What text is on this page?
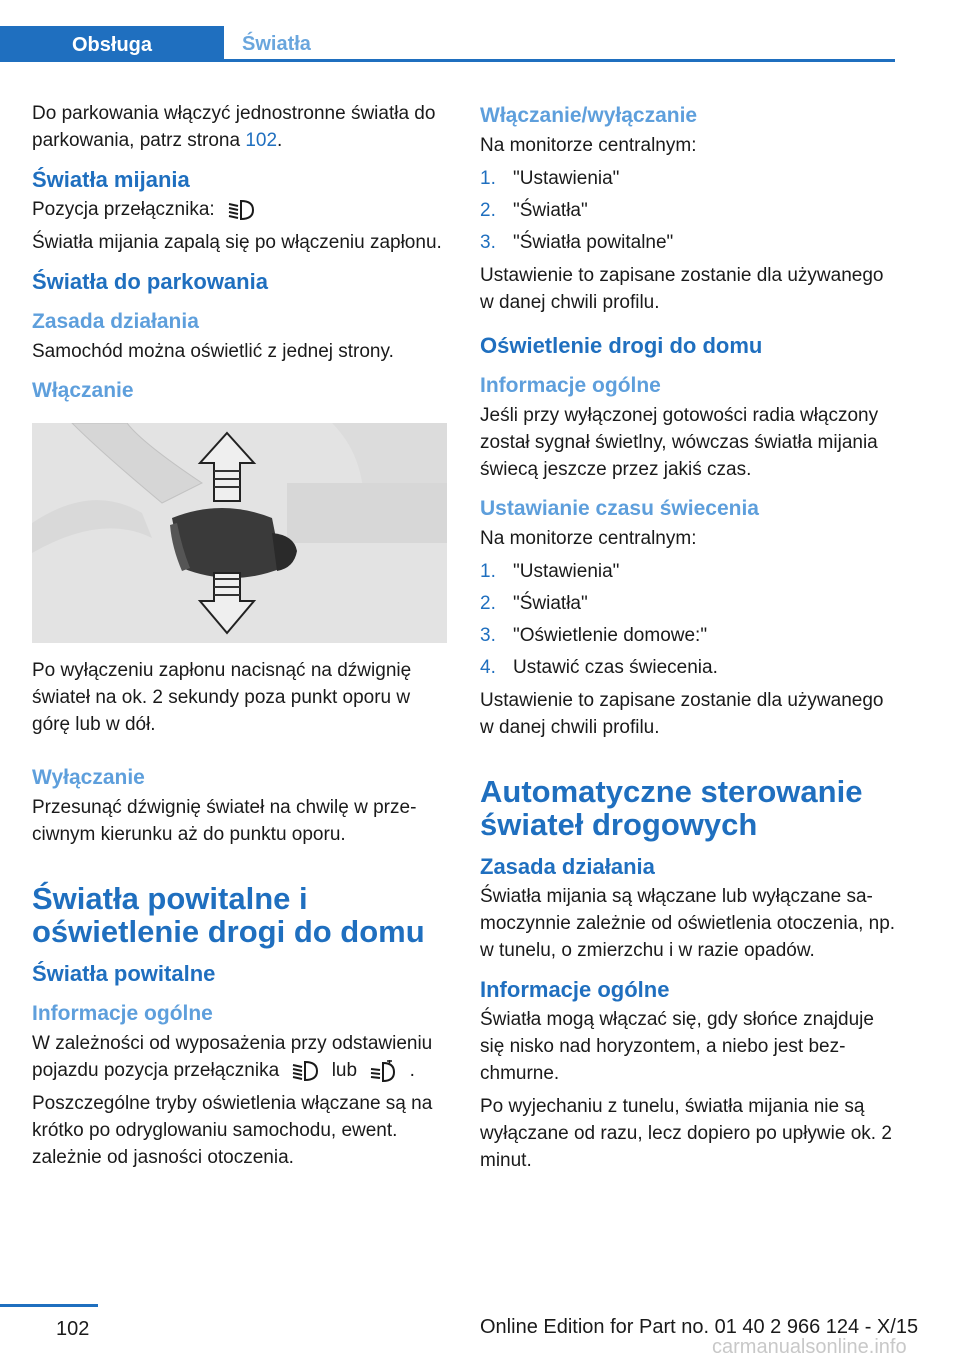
Obsługa	Światła

Do parkowania włączyć jednostronne światła do parkowania, patrz strona 102.

Światła mijania

Pozycja przełącznika:

Światła mijania zapalą się po włączeniu zapłonu.

Światła do parkowania
Zasada działania

Samochód można oświetlić z jednej strony.

Włączanie

Po wyłączeniu zapłonu nacisnąć na dźwignię świateł na ok. 2 sekundy poza punkt oporu w górę lub w dół.

Wyłączanie

Przesunąć dźwignię świateł na chwilę w przeciwnym kierunku aż do punktu oporu.

Światła powitalne i oświetlenie drogi do domu
Światła powitalne
Informacje ogólne

W zależności od wyposażenia przy odstawieniu pojazdu pozycja przełącznika	lub	.

Poszczególne tryby oświetlenia włączane są na krótko po odryglowaniu samochodu, ewent. zależnie od jasności otoczenia.

Włączanie/wyłączanie

Na monitorze centralnym:

1. "Ustawienia"
2. "Światła"
3. "Światła powitalne"

Ustawienie to zapisane zostanie dla używanego w danej chwili profilu.

Oświetlenie drogi do domu
Informacje ogólne

Jeśli przy wyłączonej gotowości radia włączony został sygnał świetlny, wówczas światła mijania świecą jeszcze przez jakiś czas.

Ustawianie czasu świecenia

Na monitorze centralnym:

1. "Ustawienia"
2. "Światła"
3. "Oświetlenie domowe:"
4. Ustawić czas świecenia.

Ustawienie to zapisane zostanie dla używanego w danej chwili profilu.

Automatyczne sterowanie świateł drogowych
Zasada działania

Światła mijania są włączane lub wyłączane samoczynnie zależnie od oświetlenia otoczenia, np. w tunelu, o zmierzchu i w razie opadów.

Informacje ogólne

Światła mogą włączać się, gdy słońce znajduje się nisko nad horyzontem, a niebo jest bezchmurne.

Po wyjechaniu z tunelu, światła mijania nie są wyłączane od razu, lecz dopiero po upływie ok. 2 minut.

102	Online Edition for Part no. 01 40 2 966 124 - X/15
carmanualsonline.info
